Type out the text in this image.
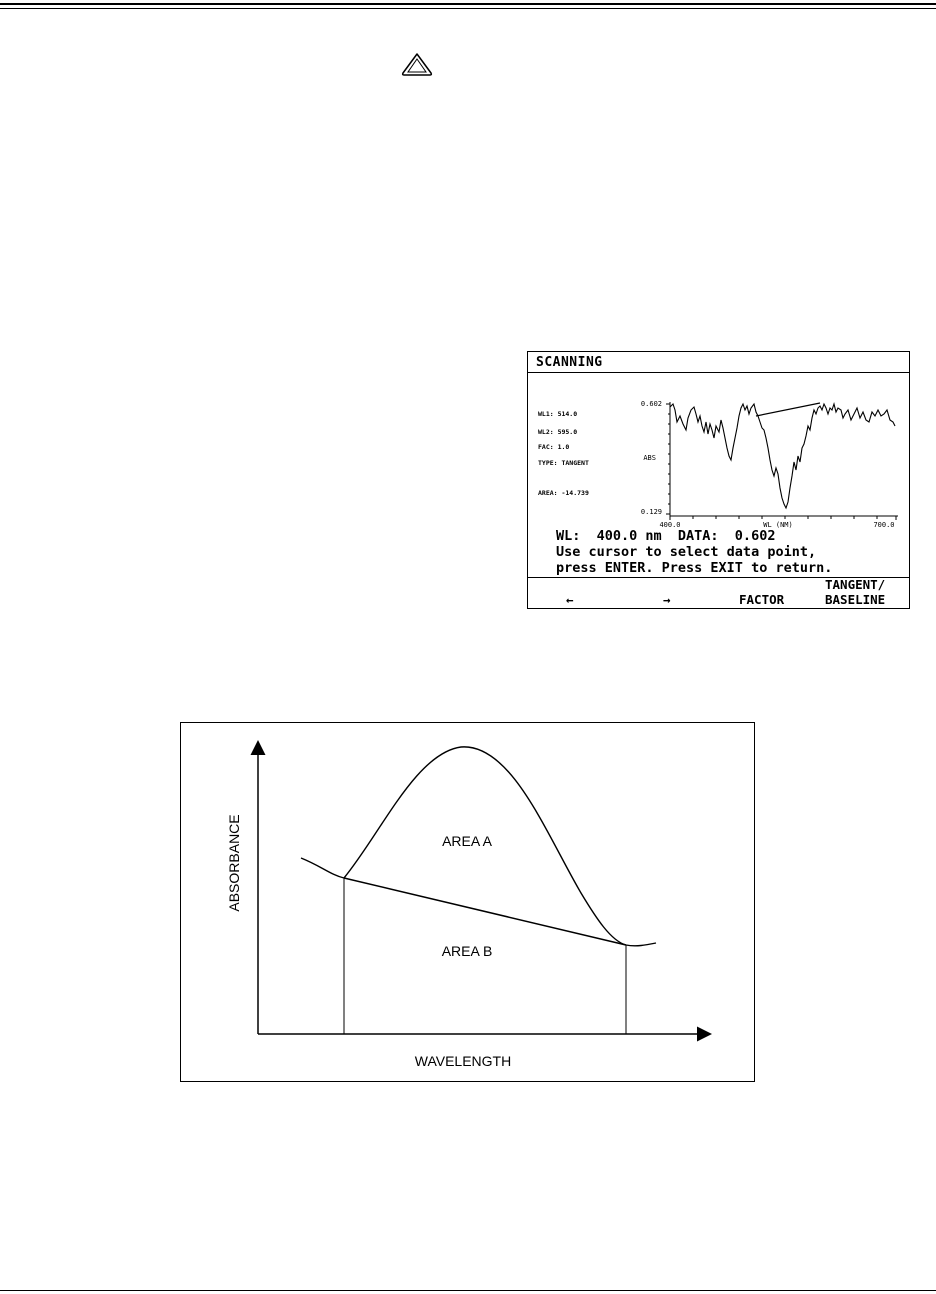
SCANNING
WL1: 514.0
WL2: 595.0
FAC: 1.0
TYPE: TANGENT
AREA: -14.739
0.602
0.129
ABS
400.0	WL (NM)	700.0
WL:  400.0 nm  DATA:  0.602
Use cursor to select data point,
press ENTER. Press EXIT to return.
←	→	FACTOR
TANGENT/
BASELINE
AREA A
AREA B
WAVELENGTH
ABSORBANCE
